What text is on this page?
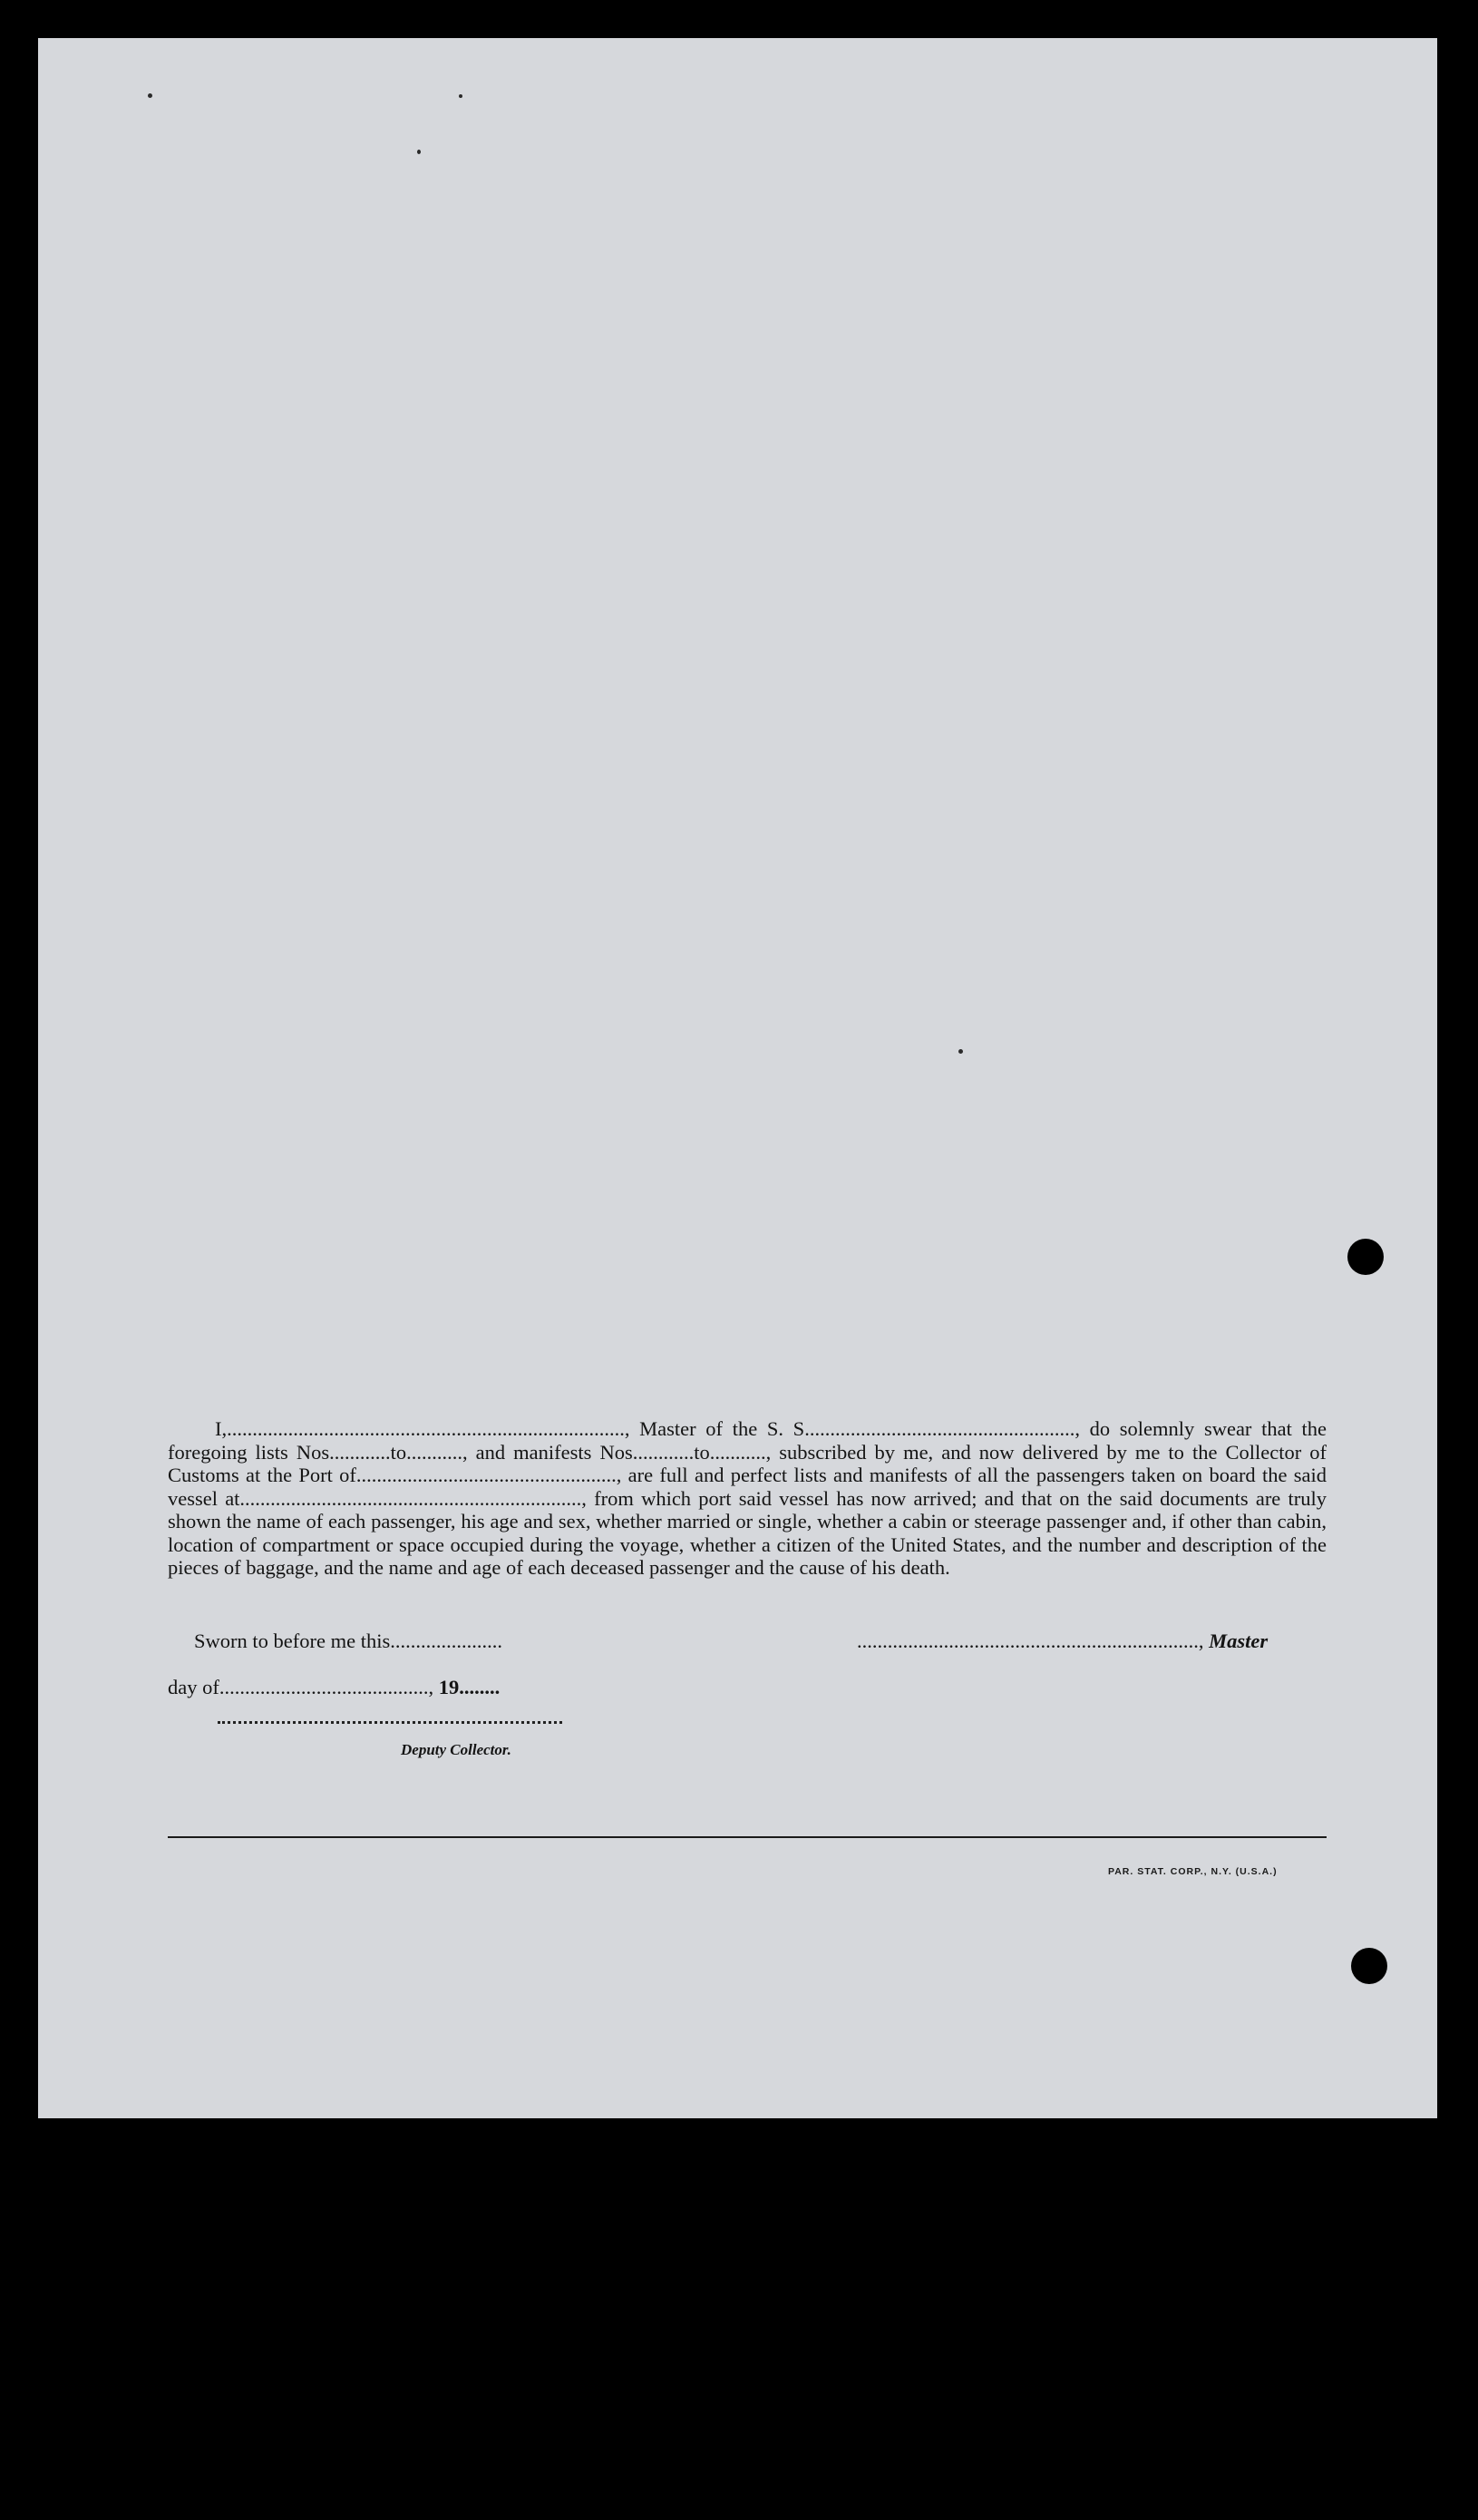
I,.............................................................................., Master of the S. S....................................................., do solemnly swear that the foregoing lists Nos............to..........., and manifests Nos............to..........., subscribed by me, and now delivered by me to the Collector of Customs at the Port of..................................................., are full and perfect lists and manifests of all the passengers taken on board the said vessel at..................................................................., from which port said vessel has now arrived; and that on the said documents are truly shown the name of each passenger, his age and sex, whether married or single, whether a cabin or steerage passenger and, if other than cabin, location of compartment or space occupied during the voyage, whether a citizen of the United States, and the number and description of the pieces of baggage, and the name and age of each deceased passenger and the cause of his death.
Sworn to before me this......................	..................................................................., Master
day of........................................., 19........
Deputy Collector.
PAR. STAT. CORP., N.Y. (U.S.A.)
